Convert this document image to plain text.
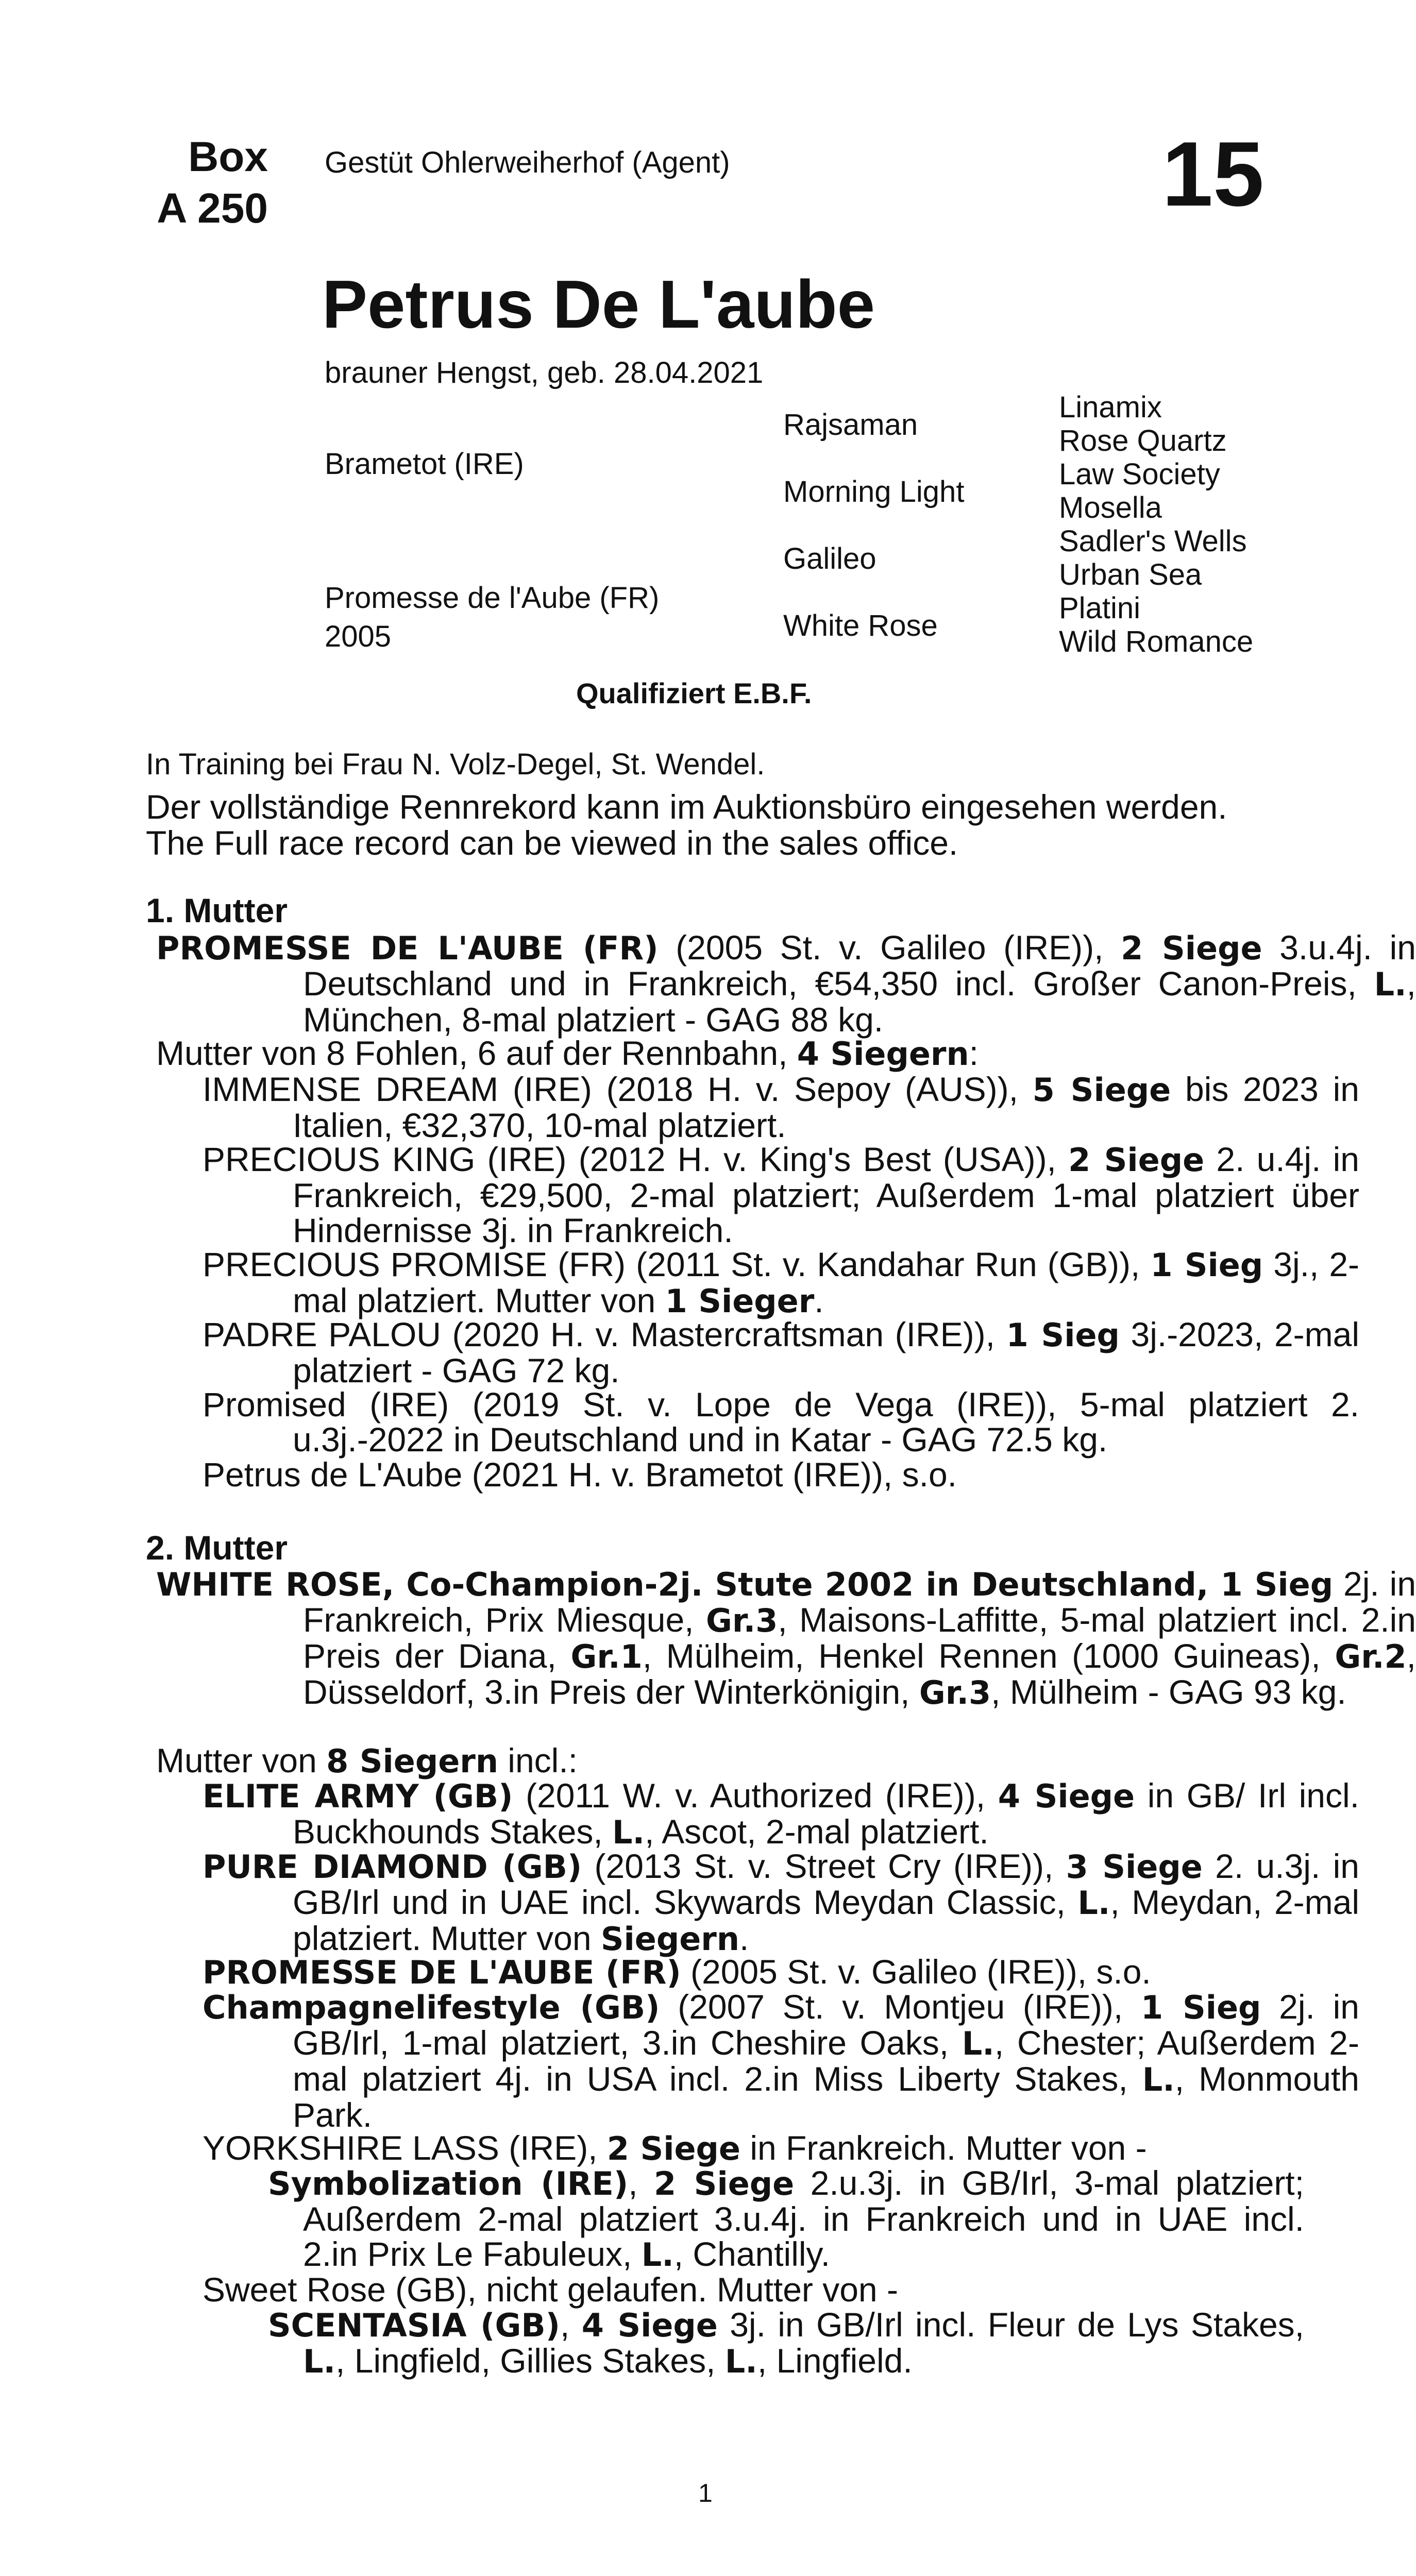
Box
A 250
Gestüt Ohlerweiherhof (Agent)	15
Petrus De L'aube
brauner Hengst, geb. 28.04.2021
Brametot (IRE)
Promesse de l'Aube (FR)
2005
Rajsaman
Morning Light
Galileo
White Rose
Linamix
Rose Quartz
Law Society
Mosella
Sadler's Wells
Urban Sea
Platini
Wild Romance
Qualifiziert E.B.F.
In Training bei Frau N. Volz-Degel, St. Wendel.
Der vollständige Rennrekord kann im Auktionsbüro eingesehen werden.
The Full race record can be viewed in the sales office.
1. Mutter
PROMESSE DE L'AUBE (FR) (2005 St. v. Galileo (IRE)), 2 Siege 3.u.4j. in Deutschland und in Frankreich, €54,350 incl. Großer Canon-Preis, L., München, 8-mal platziert - GAG 88 kg.
Mutter von 8 Fohlen, 6 auf der Rennbahn, 4 Siegern:
IMMENSE DREAM (IRE) (2018 H. v. Sepoy (AUS)), 5 Siege bis 2023 in Italien, €32,370, 10-mal platziert.
PRECIOUS KING (IRE) (2012 H. v. King's Best (USA)), 2 Siege 2. u.4j. in Frankreich, €29,500, 2-mal platziert; Außerdem 1-mal platziert über Hindernisse 3j. in Frankreich.
PRECIOUS PROMISE (FR) (2011 St. v. Kandahar Run (GB)), 1 Sieg 3j., 2-mal platziert. Mutter von 1 Sieger.
PADRE PALOU (2020 H. v. Mastercraftsman (IRE)), 1 Sieg 3j.-2023, 2-mal platziert - GAG 72 kg.
Promised (IRE) (2019 St. v. Lope de Vega (IRE)), 5-mal platziert 2. u.3j.-2022 in Deutschland und in Katar - GAG 72.5 kg.
Petrus de L'Aube (2021 H. v. Brametot (IRE)), s.o.
2. Mutter
WHITE ROSE, Co-Champion-2j. Stute 2002 in Deutschland, 1 Sieg 2j. in Frankreich, Prix Miesque, Gr.3, Maisons-Laffitte, 5-mal platziert incl. 2.in Preis der Diana, Gr.1, Mülheim, Henkel Rennen (1000 Guineas), Gr.2, Düsseldorf, 3.in Preis der Winterkönigin, Gr.3, Mülheim - GAG 93 kg.
Mutter von 8 Siegern incl.:
ELITE ARMY (GB) (2011 W. v. Authorized (IRE)), 4 Siege in GB/ Irl incl. Buckhounds Stakes, L., Ascot, 2-mal platziert.
PURE DIAMOND (GB) (2013 St. v. Street Cry (IRE)), 3 Siege 2. u.3j. in GB/Irl und in UAE incl. Skywards Meydan Classic, L., Meydan, 2-mal platziert. Mutter von Siegern.
PROMESSE DE L'AUBE (FR) (2005 St. v. Galileo (IRE)), s.o.
Champagnelifestyle (GB) (2007 St. v. Montjeu (IRE)), 1 Sieg 2j. in GB/Irl, 1-mal platziert, 3.in Cheshire Oaks, L., Chester; Außerdem 2-mal platziert 4j. in USA incl. 2.in Miss Liberty Stakes, L., Monmouth Park.
YORKSHIRE LASS (IRE), 2 Siege in Frankreich. Mutter von -
Symbolization (IRE), 2 Siege 2.u.3j. in GB/Irl, 3-mal platziert; Außerdem 2-mal platziert 3.u.4j. in Frankreich und in UAE incl. 2.in Prix Le Fabuleux, L., Chantilly.
Sweet Rose (GB), nicht gelaufen. Mutter von -
SCENTASIA (GB), 4 Siege 3j. in GB/Irl incl. Fleur de Lys Stakes, L., Lingfield, Gillies Stakes, L., Lingfield.
1
